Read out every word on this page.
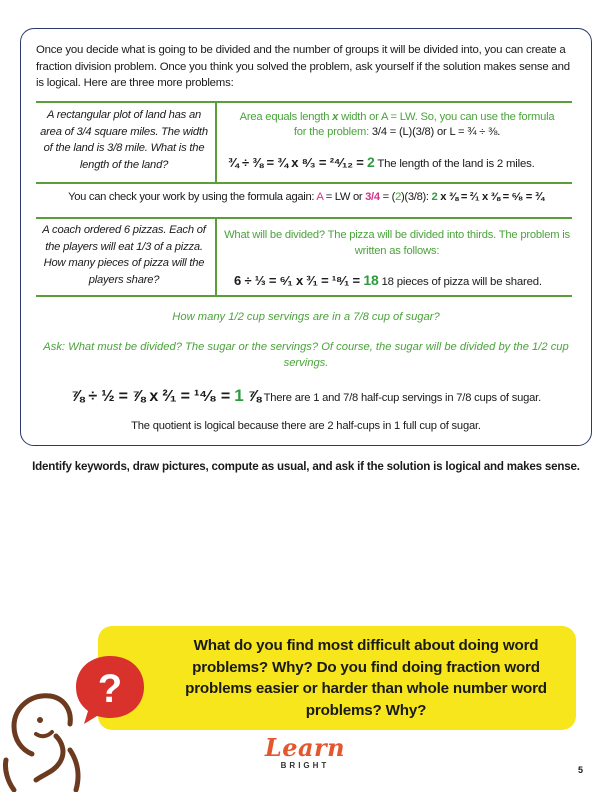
Once you decide what is going to be divided and the number of groups it will be divided into, you can create a fraction division problem. Once you think you solved the problem, ask yourself if the solution makes sense and is logical. Here are three more problems:

A rectangular plot of land has an area of 3/4 square miles. The width of the land is 3/8 mile. What is the length of the land?

Area equals length x width or A = LW. So, you can use the formula
for the problem: 3/4 = (L)(3/8) or L = ¾ ÷ ⅜.
¾ ÷ ⅜ = ¾ x ⁸⁄₃ = ²⁴⁄₁₂ = 2 The length of the land is 2 miles.
You can check your work by using the formula again: A = LW or 3/4 = (2)(3/8): 2 x ⅜ = ²⁄₁ x ⅜ = ⁶⁄₈ = ¾

A coach ordered 6 pizzas. Each of the players will eat 1/3 of a pizza. How many pieces of pizza will the players share?

What will be divided? The pizza will be divided into thirds. The problem is written as follows:

6 ÷ ⅓ = ⁶⁄₁ x ³⁄₁ = ¹⁸⁄₁ = 18 18 pieces of pizza will be shared.

How many 1/2 cup servings are in a 7/8 cup of sugar?

Ask: What must be divided? The sugar or the servings? Of course, the sugar will be divided by the 1/2 cup servings.

⅞ ÷ ½ = ⅞ x ²⁄₁ = ¹⁴⁄₈ = 1 ⅞ There are 1 and 7/8 half-cup servings in 7/8 cups of sugar.

The quotient is logical because there are 2 half-cups in 1 full cup of sugar.

Identify keywords, draw pictures, compute as usual, and ask if the solution is logical and makes sense.

What do you find most difficult about doing word problems? Why? Do you find doing fraction word problems easier or harder than whole number word problems? Why?

?
Learn
BRIGHT	5
